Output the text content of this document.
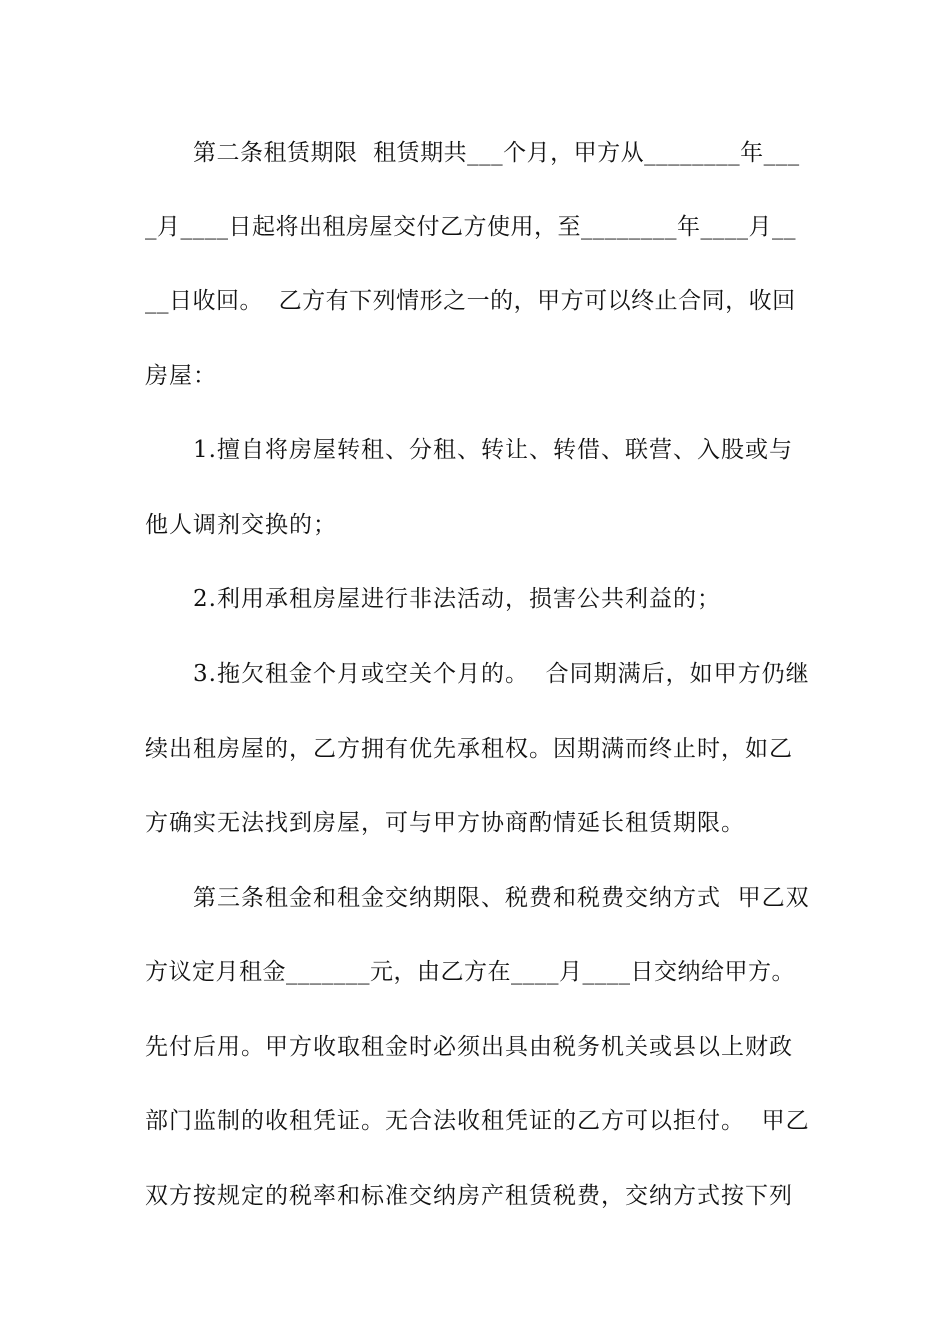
第二条租赁期限  租赁期共___个月，甲方从________年___
_月____日起将出租房屋交付乙方使用，至________年____月__
__日收回。  乙方有下列情形之一的，甲方可以终止合同，收回
房屋：
1.擅自将房屋转租、分租、转让、转借、联营、入股或与
他人调剂交换的；
2.利用承租房屋进行非法活动，损害公共利益的；
3.拖欠租金个月或空关个月的。  合同期满后，如甲方仍继
续出租房屋的，乙方拥有优先承租权。因期满而终止时，如乙
方确实无法找到房屋，可与甲方协商酌情延长租赁期限。
第三条租金和租金交纳期限、税费和税费交纳方式  甲乙双
方议定月租金_______元，由乙方在____月____日交纳给甲方。
先付后用。甲方收取租金时必须出具由税务机关或县以上财政
部门监制的收租凭证。无合法收租凭证的乙方可以拒付。  甲乙
双方按规定的税率和标准交纳房产租赁税费，交纳方式按下列
